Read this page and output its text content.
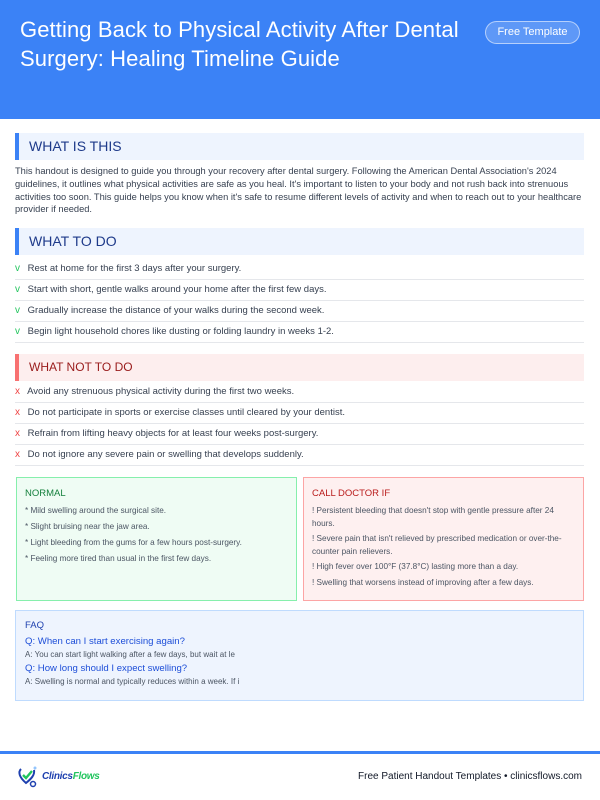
Getting Back to Physical Activity After Dental Surgery: Healing Timeline Guide
Free Template
WHAT IS THIS

This handout is designed to guide you through your recovery after dental surgery. Following the American Dental Association's 2024 guidelines, it outlines what physical activities are safe as you heal. It's important to listen to your body and not rush back into strenuous activities too soon. This guide helps you know when it's safe to resume different levels of activity and when to reach out to your healthcare provider if needed.

WHAT TO DO
v Rest at home for the first 3 days after your surgery.
v Start with short, gentle walks around your home after the first few days.
v Gradually increase the distance of your walks during the second week.
v Begin light household chores like dusting or folding laundry in weeks 1-2.
WHAT NOT TO DO
x Avoid any strenuous physical activity during the first two weeks.
x Do not participate in sports or exercise classes until cleared by your dentist.
x Refrain from lifting heavy objects for at least four weeks post-surgery.
x Do not ignore any severe pain or swelling that develops suddenly.
NORMAL
* Mild swelling around the surgical site.
* Slight bruising near the jaw area.
* Light bleeding from the gums for a few hours post-surgery.
* Feeling more tired than usual in the first few days.
CALL DOCTOR IF
! Persistent bleeding that doesn't stop with gentle pressure after 24 hours.
! Severe pain that isn't relieved by prescribed medication or over-the-counter pain relievers.
! High fever over 100°F (37.8°C) lasting more than a day.
! Swelling that worsens instead of improving after a few days.
FAQ
Q: When can I start exercising again?
A: You can start light walking after a few days, but wait at le
Q: How long should I expect swelling?
A: Swelling is normal and typically reduces within a week. If i
ClinicsFlows	Free Patient Handout Templates • clinicsflows.com
